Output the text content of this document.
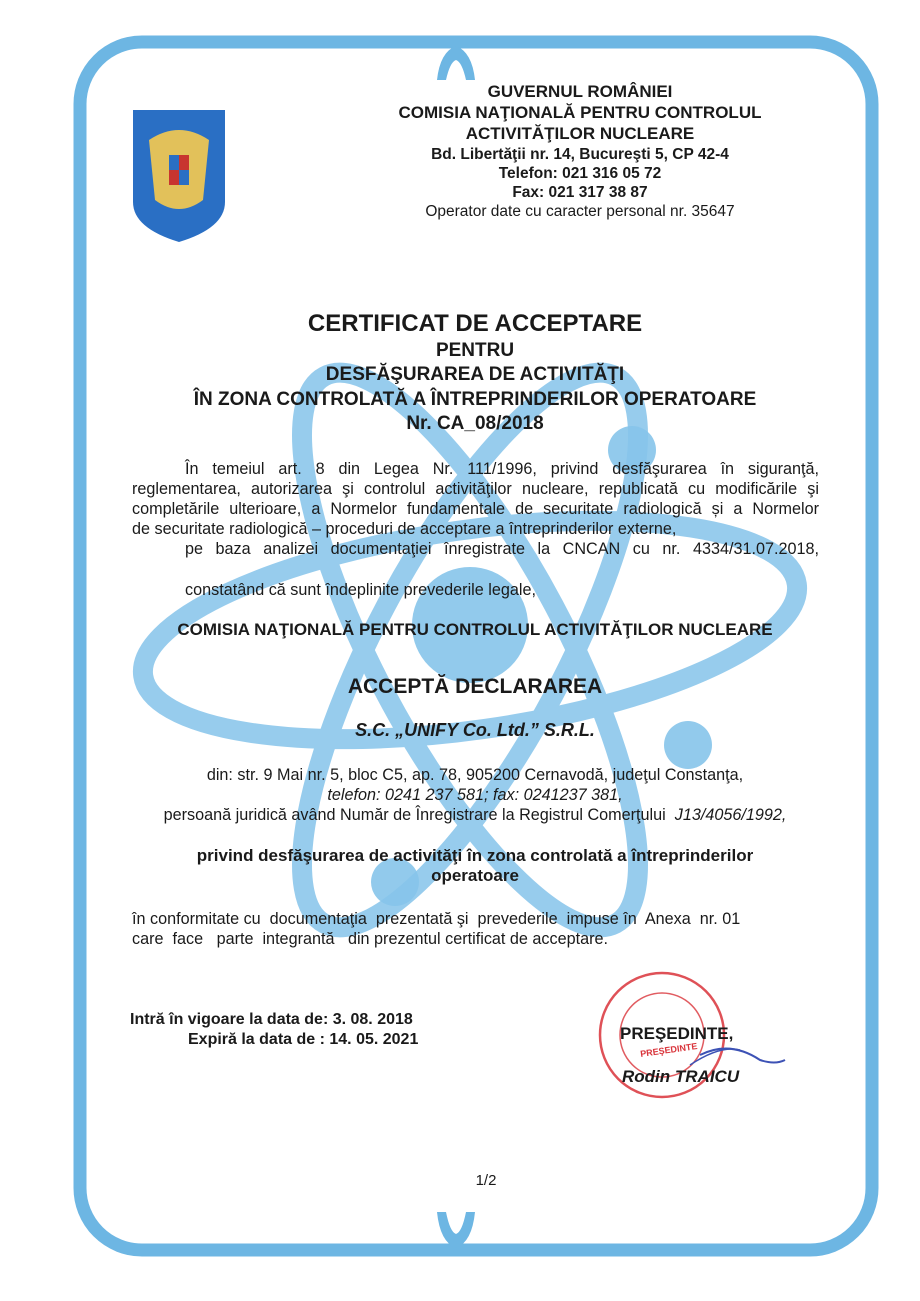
GUVERNUL ROMÂNIEI
COMISIA NAŢIONALĂ PENTRU CONTROLUL
ACTIVITĂŢILOR NUCLEARE
Bd. Libertăţii nr. 14, Bucureşti 5, CP 42-4
Telefon: 021 316 05 72
Fax: 021 317 38 87
Operator date cu caracter personal nr. 35647
CERTIFICAT DE ACCEPTARE
PENTRU
DESFĂŞURAREA DE ACTIVITĂŢI
ÎN ZONA CONTROLATĂ A ÎNTREPRINDERILOR OPERATOARE
Nr. CA_08/2018
În temeiul art. 8 din Legea Nr. 111/1996, privind desfăşurarea în siguranţă,
reglementarea, autorizarea şi controlul activităţilor nucleare, republicată cu modificările şi
completările ulterioare, a Normelor fundamentale de securitate radiologică și a Normelor
de securitate radiologică – proceduri de acceptare a întreprinderilor externe,
pe baza analizei documentaţiei înregistrate la CNCAN cu nr. 4334/31.07.2018,
constatând că sunt îndeplinite prevederile legale,
COMISIA NAŢIONALĂ PENTRU CONTROLUL ACTIVITĂŢILOR NUCLEARE
ACCEPTĂ DECLARAREA
S.C. „UNIFY Co. Ltd.” S.R.L.
din: str. 9 Mai nr. 5, bloc C5, ap. 78, 905200 Cernavodă, judeţul Constanţa,
telefon: 0241 237 581; fax: 0241237 381,
persoană juridică având Număr de Înregistrare la Registrul Comerţului J13/4056/1992,
privind desfăşurarea de activităţi în zona controlată a întreprinderilor
operatoare
în conformitate cu  documentaţia  prezentată şi  prevederile  impuse în  Anexa  nr. 01
care  face   parte  integrantă   din prezentul certificat de acceptare.
Intră în vigoare la data de: 3. 08. 2018
Expiră la data de : 14. 05. 2021	PREŞEDINTE,
Rodin TRAICU
PREŞEDINTE
1/2
